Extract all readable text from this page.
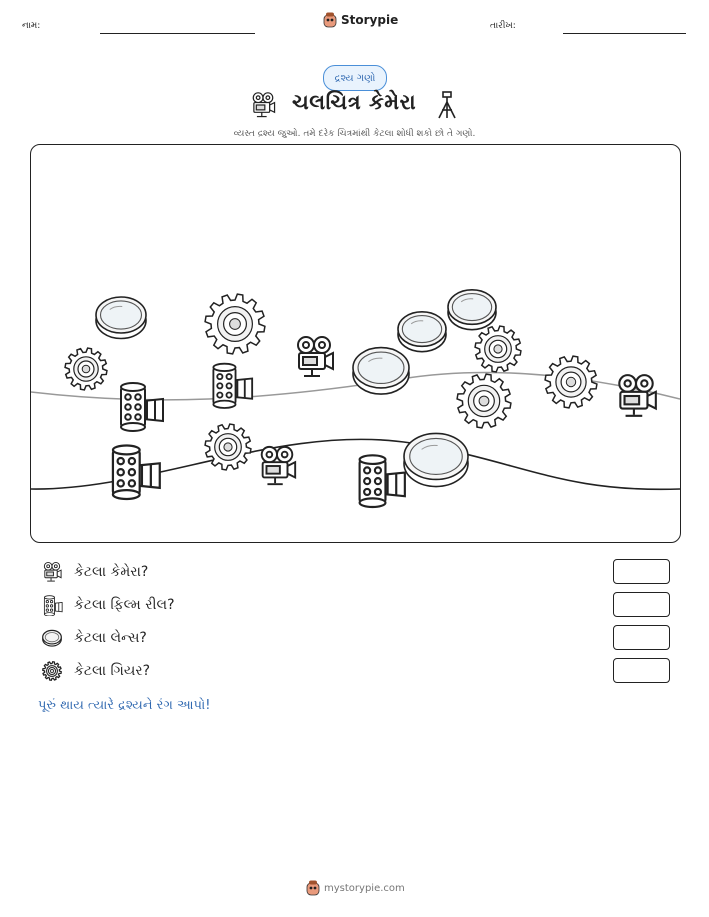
નામ:	Storypie	તારીખ:
દ્રશ્ય ગણો
ચલચિત્ર કેમેરા
વ્યસ્ત દ્રશ્ય જુઓ. તમે દરેક ચિત્રમાંથી કેટલા શોધી શકો છો તે ગણો.
કેટલા કેમેરા?
કેટલા ફિલ્મ રીલ?
કેટલા લેન્સ?
કેટલા ગિયર?
પૂરું થાય ત્યારે દ્રશ્યને રંગ આપો!
mystorypie.com
